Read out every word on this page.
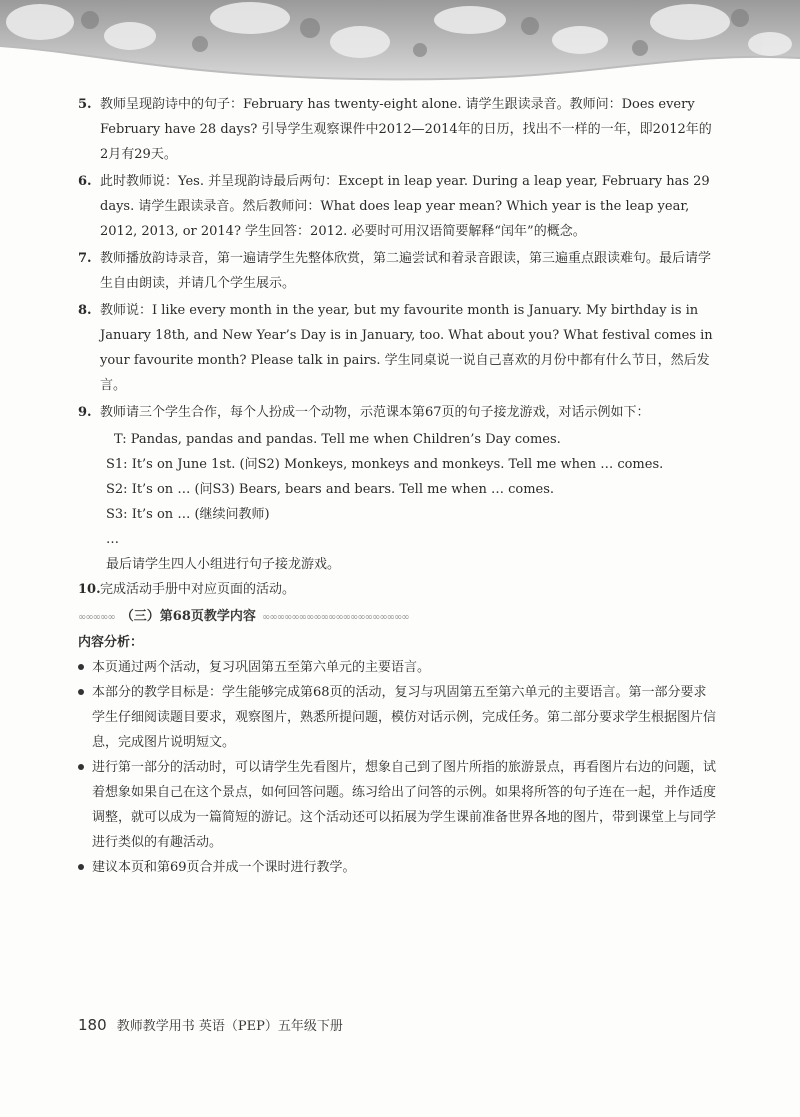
5. 教师呈现韵诗中的句子：February has twenty-eight alone. 请学生跟读录音。教师问：Does every February have 28 days? 引导学生观察课件中2012—2014年的日历，找出不一样的一年，即2012年的2月有29天。
6. 此时教师说：Yes. 并呈现韵诗最后两句：Except in leap year. During a leap year, February has 29 days. 请学生跟读录音。然后教师问：What does leap year mean? Which year is the leap year, 2012, 2013, or 2014? 学生回答：2012. 必要时可用汉语简要解释“闰年”的概念。
7. 教师播放韵诗录音，第一遍请学生先整体欣赏，第二遍尝试和着录音跟读，第三遍重点跟读难句。最后请学生自由朗读，并请几个学生展示。
8. 教师说：I like every month in the year, but my favourite month is January. My birthday is in January 18th, and New Year’s Day is in January, too. What about you? What festival comes in your favourite month? Please talk in pairs. 学生同桌说一说自己喜欢的月份中都有什么节日，然后发言。
9. 教师请三个学生合作，每个人扮成一个动物，示范课本第67页的句子接龙游戏，对话示例如下：
T: Pandas, pandas and pandas. Tell me when Children’s Day comes.
S1: It’s on June 1st. (问S2) Monkeys, monkeys and monkeys. Tell me when … comes.
S2: It’s on … (问S3) Bears, bears and bears. Tell me when … comes.
S3: It’s on … (继续问教师)
…
最后请学生四人小组进行句子接龙游戏。
10. 完成活动手册中对应页面的活动。
∞∞∞∞∞ （三）第68页教学内容 ∞∞∞∞∞∞∞∞∞∞∞∞∞∞∞∞∞∞∞∞
内容分析：
本页通过两个活动，复习巩固第五至第六单元的主要语言。
本部分的教学目标是：学生能够完成第68页的活动，复习与巩固第五至第六单元的主要语言。第一部分要求学生仔细阅读题目要求，观察图片，熟悉所提问题，模仿对话示例，完成任务。第二部分要求学生根据图片信息，完成图片说明短文。
进行第一部分的活动时，可以请学生先看图片，想象自己到了图片所指的旅游景点，再看图片右边的问题，试着想象如果自己在这个景点，如何回答问题。练习给出了问答的示例。如果将所答的句子连在一起，并作适度调整，就可以成为一篇简短的游记。这个活动还可以拓展为学生课前准备世界各地的图片，带到课堂上与同学进行类似的有趣活动。
建议本页和第69页合并成一个课时进行教学。
180 教师教学用书 英语（PEP）五年级下册
